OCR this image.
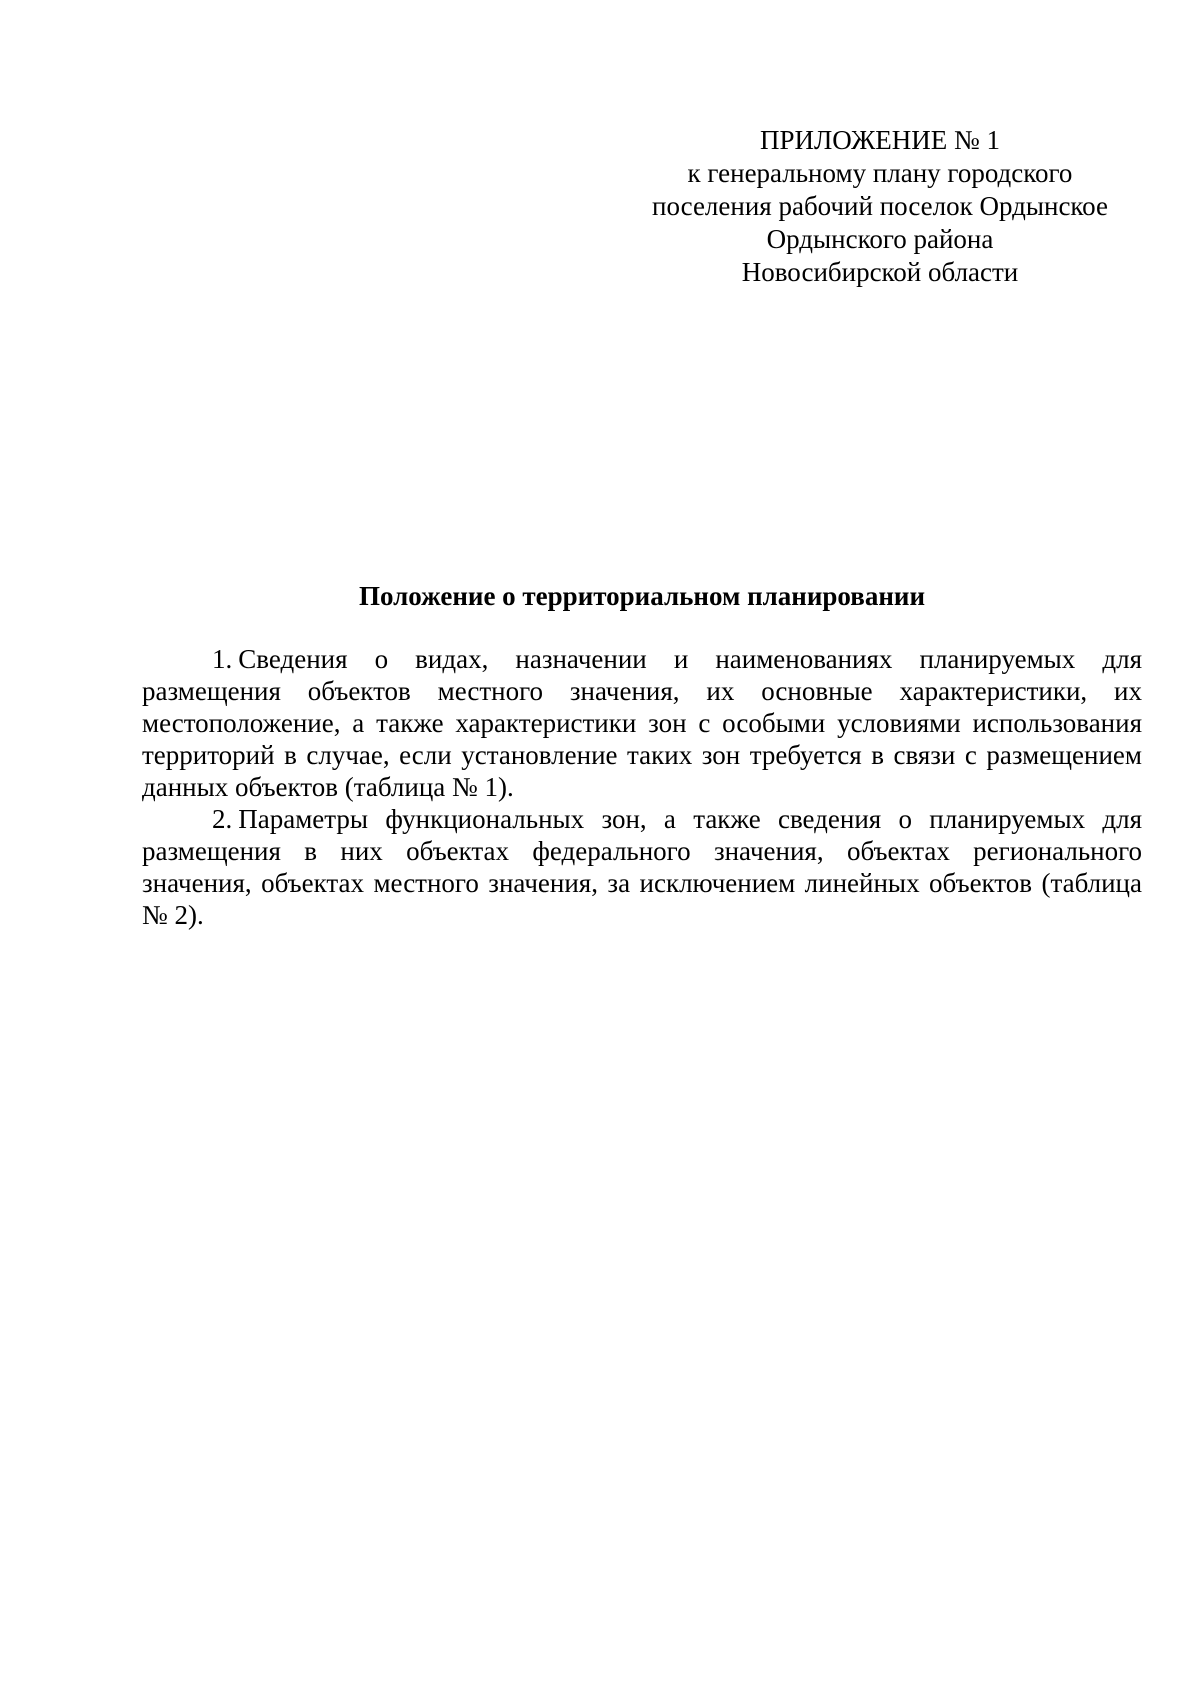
ПРИЛОЖЕНИЕ № 1
к генеральному плану городского
поселения рабочий поселок Ордынское
Ордынского района
Новосибирской области
Положение о территориальном планировании

1. Сведения о видах, назначении и наименованиях планируемых для размещения объектов местного значения, их основные характеристики, их местоположение, а также характеристики зон с особыми условиями использования территорий в случае, если установление таких зон требуется в связи с размещением данных объектов (таблица № 1).

2. Параметры функциональных зон, а также сведения о планируемых для размещения в них объектах федерального значения, объектах регионального значения, объектах местного значения, за исключением линейных объектов (таблица № 2).
